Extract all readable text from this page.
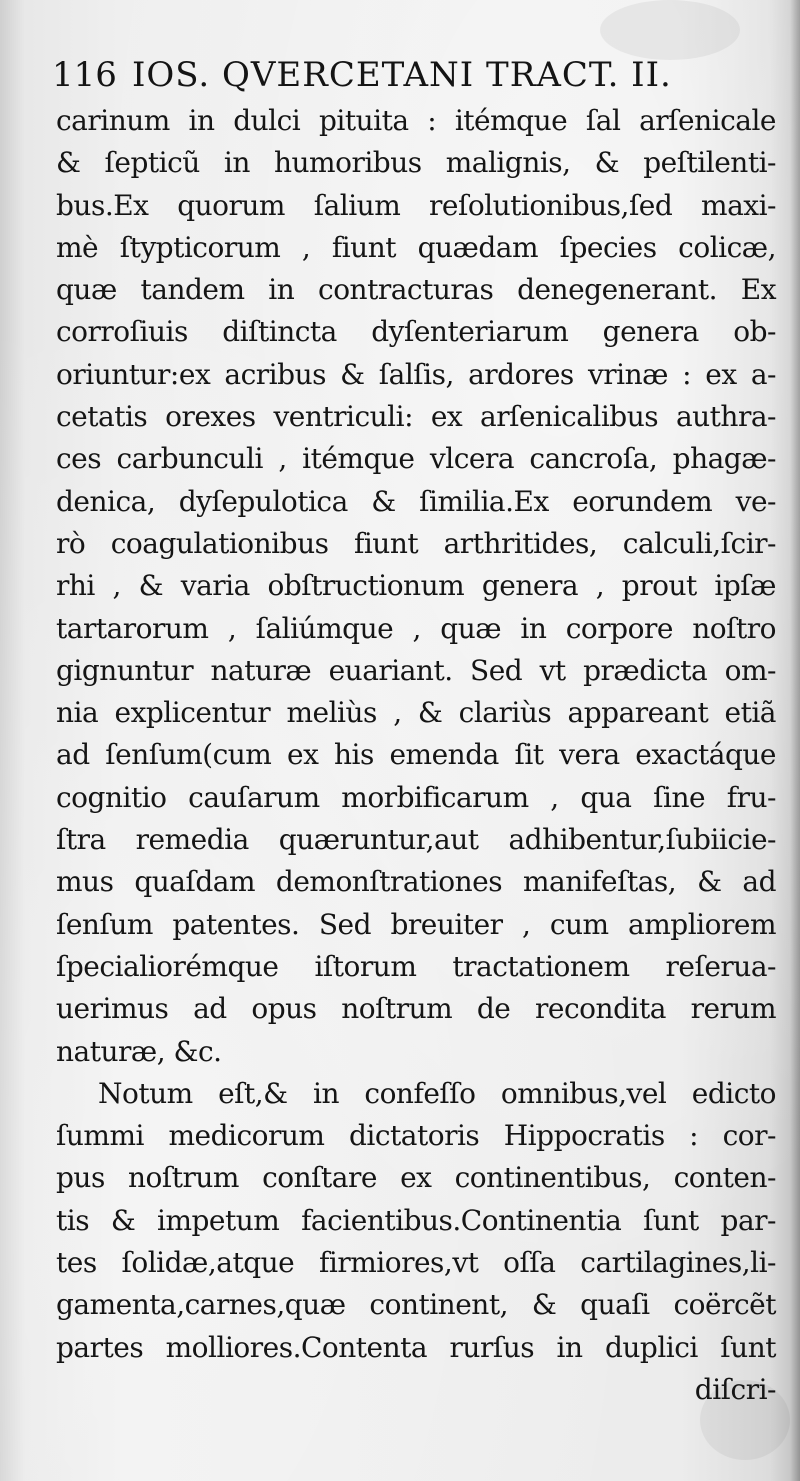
116 IOS. QVERCETANI TRACT. II.
carinum in dulci pituita : itémque ſal arſenicale
& ſepticũ in humoribus malignis, & peſtilenti-
bus.Ex quorum ſalium reſolutionibus,ſed maxi-
mè ſtypticorum , fiunt quædam ſpecies colicæ,
quæ tandem in contracturas denegenerant. Ex
corroſiuis diſtincta dyſenteriarum genera ob-
oriuntur:ex acribus & ſalſis, ardores vrinæ : ex a-
cetatis orexes ventriculi: ex arſenicalibus authra-
ces carbunculi , itémque vlcera cancroſa, phagæ-
denica, dyſepulotica & ſimilia.Ex eorundem ve-
rò coagulationibus fiunt arthritides, calculi,ſcir-
rhi , & varia obſtructionum genera , prout ipſæ
tartarorum , ſaliúmque , quæ in corpore noſtro
gignuntur naturæ euariant. Sed vt prædicta om-
nia explicentur meliùs , & clariùs appareant etiã
ad ſenſum(cum ex his emenda ſit vera exactáque
cognitio cauſarum morbificarum , qua ſine fru-
ſtra remedia quæruntur,aut adhibentur,ſubiicie-
mus quaſdam demonſtrationes manifeſtas, & ad
ſenſum patentes. Sed breuiter , cum ampliorem
ſpecialiorémque iſtorum tractationem reſerua-
uerimus ad opus noſtrum de recondita rerum
naturæ, &c.
Notum eſt,& in confeſſo omnibus,vel edicto
ſummi medicorum dictatoris Hippocratis : cor-
pus noſtrum conſtare ex continentibus, conten-
tis & impetum facientibus.Continentia ſunt par-
tes ſolidæ,atque firmiores,vt oſſa cartilagines,li-
gamenta,carnes,quæ continent, & quaſi coërcẽt
partes molliores.Contenta rurſus in duplici ſunt
diſcri-
